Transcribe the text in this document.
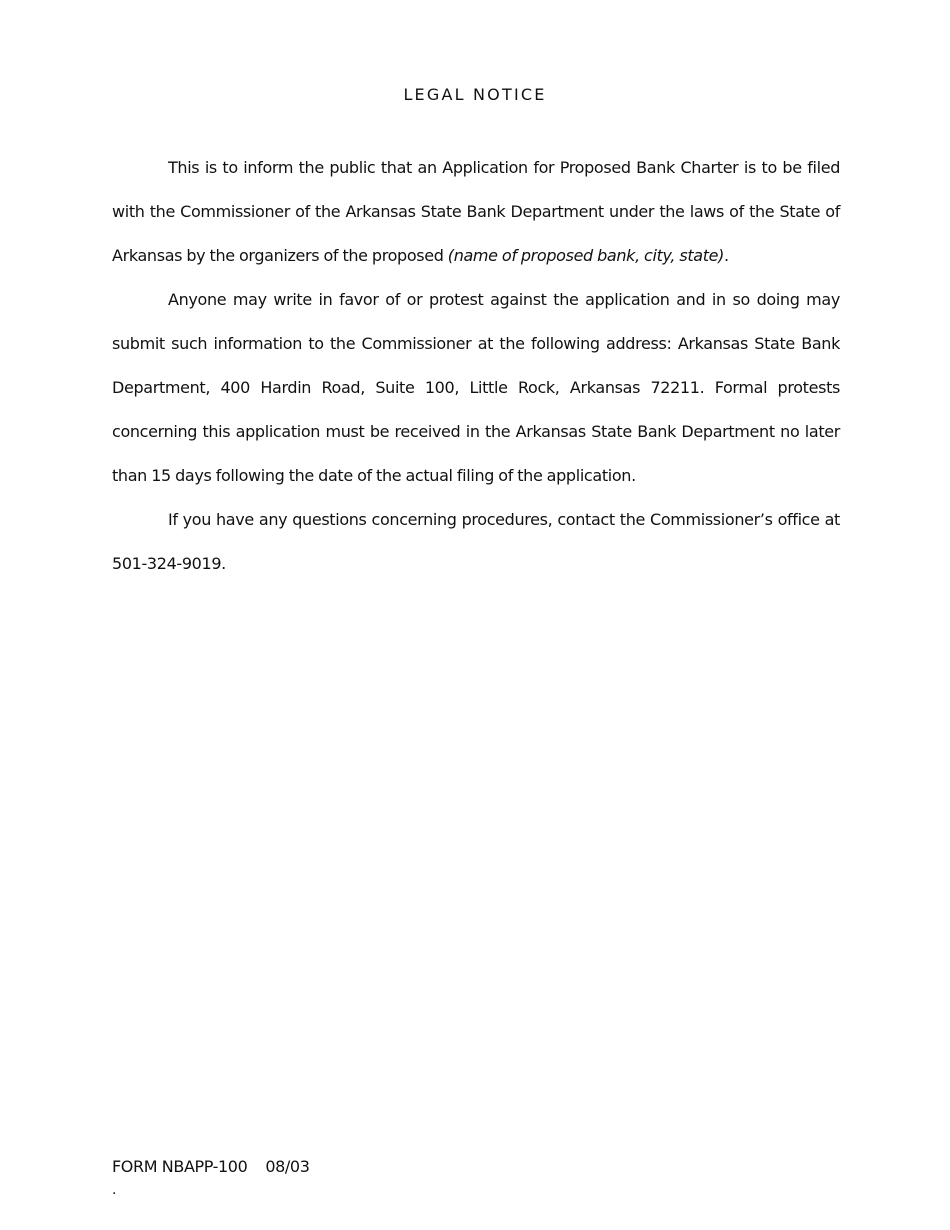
LEGAL NOTICE

This is to inform the public that an Application for Proposed Bank Charter is to be filed with the Commissioner of the Arkansas State Bank Department under the laws of the State of Arkansas by the organizers of the proposed (name of proposed bank, city, state).

Anyone may write in favor of or protest against the application and in so doing may submit such information to the Commissioner at the following address: Arkansas State Bank Department, 400 Hardin Road, Suite 100, Little Rock, Arkansas 72211. Formal protests concerning this application must be received in the Arkansas State Bank Department no later than 15 days following the date of the actual filing of the application.

If you have any questions concerning procedures, contact the Commissioner’s office at 501-324-9019.

FORM NBAPP-100 08/03
.
